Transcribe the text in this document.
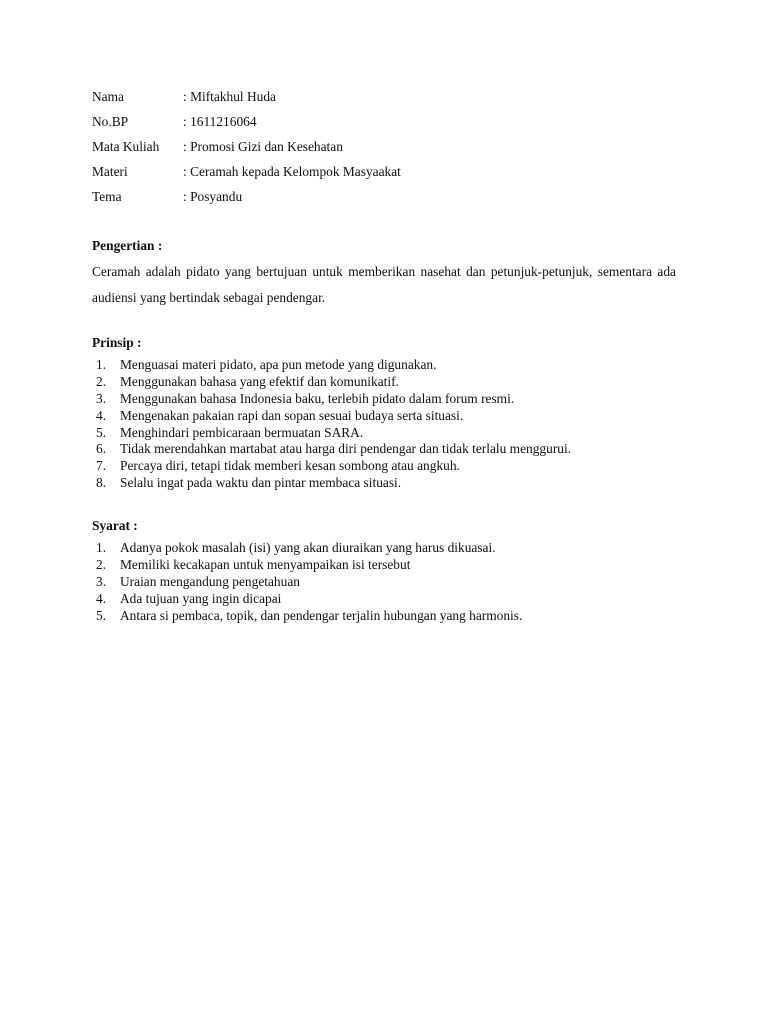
Nama	: Miftakhul Huda
No.BP	: 1611216064
Mata Kuliah	: Promosi Gizi dan Kesehatan
Materi	: Ceramah kepada Kelompok Masyaakat
Tema	: Posyandu

Pengertian :

Ceramah adalah pidato yang bertujuan untuk memberikan nasehat dan petunjuk-petunjuk, sementara ada audiensi yang bertindak sebagai pendengar.

Prinsip :

1.	Menguasai materi pidato, apa pun metode yang digunakan.
2.	Menggunakan bahasa yang efektif dan komunikatif.
3.	Menggunakan bahasa Indonesia baku, terlebih pidato dalam forum resmi.
4.	Mengenakan pakaian rapi dan sopan sesuai budaya serta situasi.
5.	Menghindari pembicaraan bermuatan SARA.
6.	Tidak merendahkan martabat atau harga diri pendengar dan tidak terlalu menggurui.
7.	Percaya diri, tetapi tidak memberi kesan sombong atau angkuh.
8.	Selalu ingat pada waktu dan pintar membaca situasi.

Syarat :

1.	Adanya pokok masalah (isi) yang akan diuraikan yang harus dikuasai.
2.	Memiliki kecakapan untuk menyampaikan isi tersebut
3.	Uraian mengandung pengetahuan
4.	Ada tujuan yang ingin dicapai
5.	Antara si pembaca, topik, dan pendengar terjalin hubungan yang harmonis.
